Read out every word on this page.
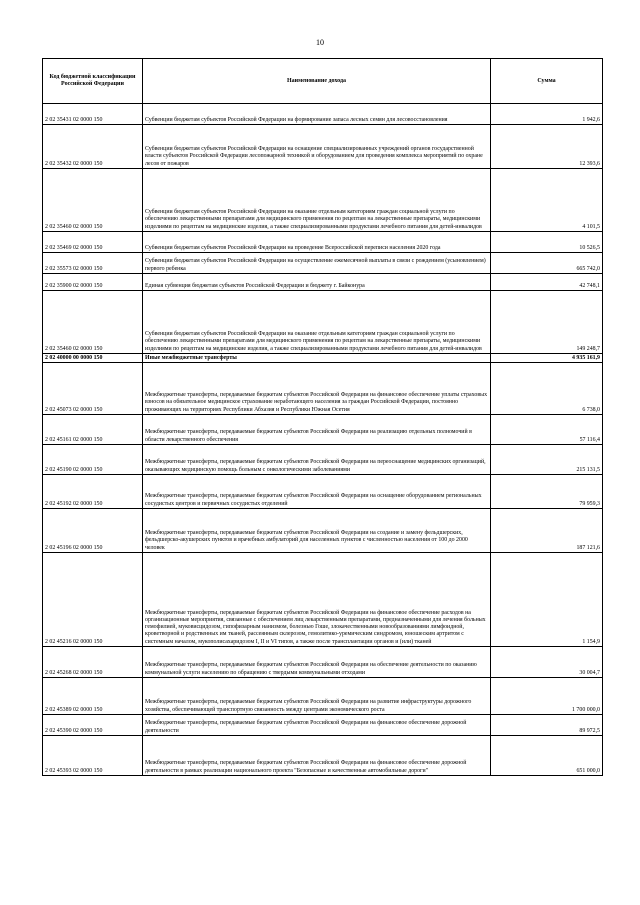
10
Код бюджетной классификации Российской Федерации	Наименование дохода	Сумма
2 02 35431 02 0000 150	Субвенции бюджетам субъектов Российской Федерации на формирование запаса лесных семян для лесовосстановления	1 942,6
2 02 35432 02 0000 150	Субвенции бюджетам субъектов Российской Федерации на оснащение специализированных учреждений органов государственной власти субъектов Российской Федерации лесопожарной техникой и оборудованием для проведения комплекса мероприятий по охране лесов от пожаров	12 393,6
2 02 35460 02 0000 150	Субвенции бюджетам субъектов Российской Федерации на оказание отдельным категориям граждан социальной услуги по обеспечению лекарственными препаратами для медицинского применения по рецептам на лекарственные препараты, медицинскими изделиями по рецептам на медицинские изделия, а также специализированными продуктами лечебного питания для детей-инвалидов	4 101,5
2 02 35469 02 0000 150	Субвенции бюджетам субъектов Российской Федерации на проведение Всероссийской переписи населения 2020 года	10 526,5
2 02 35573 02 0000 150	Субвенции бюджетам субъектов Российской Федерации на осуществление ежемесячной выплаты в связи с рождением (усыновлением) первого ребенка	665 742,0
2 02 35900 02 0000 150	Единая субвенция бюджетам субъектов Российской Федерации и бюджету г. Байконура	42 748,1
2 02 35460 02 0000 150	Субвенции бюджетам субъектов Российской Федерации на оказание отдельным категориям граждан социальной услуги по обеспечению лекарственными препаратами для медицинского применения по рецептам на лекарственные препараты, медицинскими изделиями по рецептам на медицинские изделия, а также специализированными продуктами лечебного питания для детей-инвалидов	149 248,7
2 02 40000 00 0000 150	Иные межбюджетные трансферты	4 935 161,9
2 02 45073 02 0000 150	Межбюджетные трансферты, передаваемые бюджетам субъектов Российской Федерации на финансовое обеспечение уплаты страховых взносов на обязательное медицинское страхование неработающего населения за граждан Российской Федерации, постоянно проживающих на территориях Республики Абхазия и Республики Южная Осетия	6 738,0
2 02 45161 02 0000 150	Межбюджетные трансферты, передаваемые бюджетам субъектов Российской Федерации на реализацию отдельных полномочий в области лекарственного обеспечения	57 116,4
2 02 45190 02 0000 150	Межбюджетные трансферты, передаваемые бюджетам субъектов Российской Федерации на переоснащение медицинских организаций, оказывающих медицинскую помощь больным с онкологическими заболеваниями	215 131,5
2 02 45192 02 0000 150	Межбюджетные трансферты, передаваемые бюджетам субъектов Российской Федерации на оснащение оборудованием региональных сосудистых центров и первичных сосудистых отделений	79 959,3
2 02 45196 02 0000 150	Межбюджетные трансферты, передаваемые бюджетам субъектов Российской Федерации на создание и замену фельдшерских, фельдшерско-акушерских пунктов и врачебных амбулаторий для населенных пунктов с численностью населения от 100 до 2000 человек	187 121,6
2 02 45216 02 0000 150	Межбюджетные трансферты, передаваемые бюджетам субъектов Российской Федерации на финансовое обеспечение расходов на организационные мероприятия, связанные с обеспечением лиц лекарственными препаратами, предназначенными для лечения больных гемофилией, муковисцидозом, гипофизарным нанизмом, болезнью Гоше, злокачественными новообразованиями лимфоидной, кроветворной и родственных им тканей, рассеянным склерозом, гемолитико-уремическим синдромом, юношеским артритом с системным началом, мукополисахаридозом I, II и VI типов, а также после трансплантации органов и (или) тканей	1 154,9
2 02 45268 02 0000 150	Межбюджетные трансферты, передаваемые бюджетам субъектов Российской Федерации на обеспечение деятельности по оказанию коммунальной услуги населению по обращению с твердыми коммунальными отходами	30 004,7
2 02 45389 02 0000 150	Межбюджетные трансферты, передаваемые бюджетам субъектов Российской Федерации на развитие инфраструктуры дорожного хозяйства, обеспечивающей транспортную связанность между центрами экономического роста	1 700 000,0
2 02 45390 02 0000 150	Межбюджетные трансферты, передаваемые бюджетам субъектов Российской Федерации на финансовое обеспечение дорожной деятельности	89 972,5
2 02 45393 02 0000 150	Межбюджетные трансферты, передаваемые бюджетам субъектов Российской Федерации на финансовое обеспечение дорожной деятельности в рамках реализации национального проекта "Безопасные и качественные автомобильные дороги"	651 000,0
